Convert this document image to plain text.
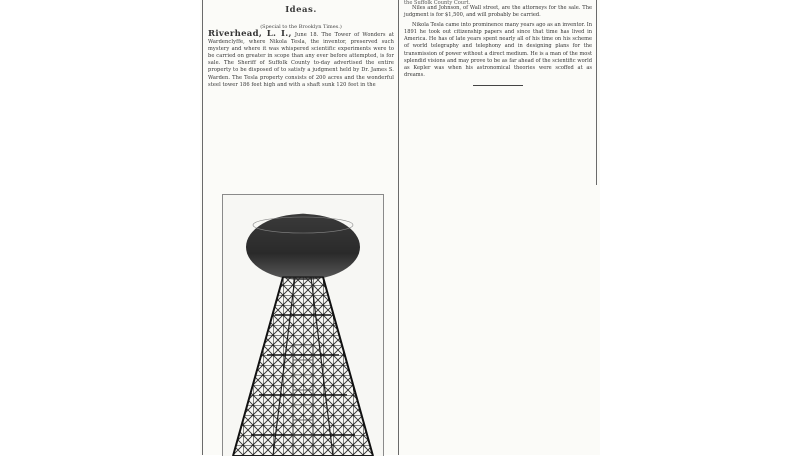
Ideas.
(Special to the Brooklyn Times.)

Riverhead, L. I., June 18. The Tower of Wonders at Wardenclyffe, where Nikola Tesla, the inventor, preserved such mystery and where it was whispered scientific experiments were to be carried on greater in scope than any ever before attempted, is for sale. The Sheriff of Suffolk County to-day advertised the entire property to be disposed of to satisfy a judgment held by Dr. James S. Warden. The Tesla property consists of 200 acres and the wonderful steel tower 186 feet high and with a shaft sunk 120 feet in the

the Suffolk County Court.

Niles and Johnson, of Wall street, are the attorneys for the sale. The judgment is for $1,500, and will probably be carried.

Nikola Tesla came into prominence many years ago as an inventor. In 1891 he took out citizenship papers and since that time has lived in America. He has of late years spent nearly all of his time on his scheme of world telegraphy and telephony and in designing plans for the transmission of power without a direct medium. He is a man of the most splendid visions and may prove to be as far ahead of the scientific world as Kepler was when his astronomical theories were scoffed at as dreams.
